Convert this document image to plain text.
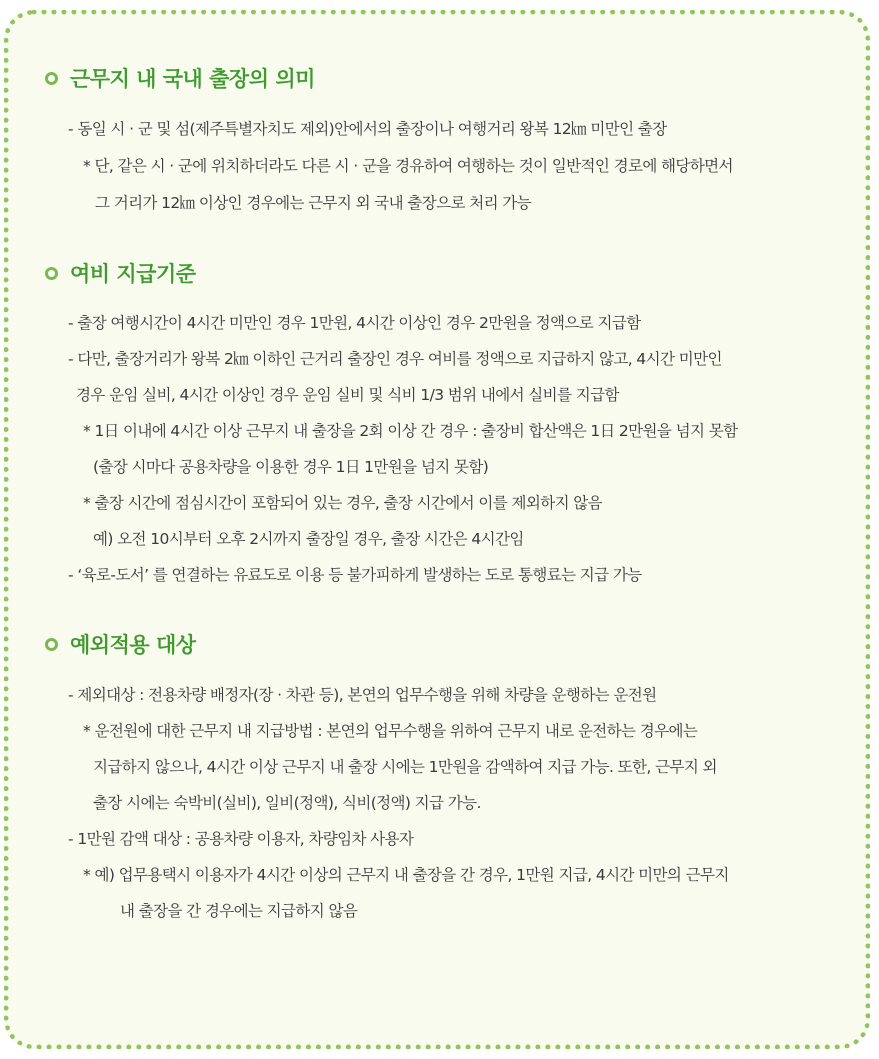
근무지 내 국내 출장의 의미
- 동일 시 · 군 및 섬(제주특별자치도 제외)안에서의 출장이나 여행거리 왕복 12㎞ 미만인 출장
* 단, 같은 시 · 군에 위치하더라도 다른 시 · 군을 경유하여 여행하는 것이 일반적인 경로에 해당하면서
그 거리가 12㎞ 이상인 경우에는 근무지 외 국내 출장으로 처리 가능
여비 지급기준
- 출장 여행시간이 4시간 미만인 경우 1만원, 4시간 이상인 경우 2만원을 정액으로 지급함
- 다만, 출장거리가 왕복 2㎞ 이하인 근거리 출장인 경우 여비를 정액으로 지급하지 않고, 4시간 미만인
경우 운임 실비, 4시간 이상인 경우 운임 실비 및 식비 1/3 범위 내에서 실비를 지급함
* 1日 이내에 4시간 이상 근무지 내 출장을 2회 이상 간 경우 : 출장비 합산액은 1日 2만원을 넘지 못함
(출장 시마다 공용차량을 이용한 경우 1日 1만원을 넘지 못함)
* 출장 시간에 점심시간이 포함되어 있는 경우, 출장 시간에서 이를 제외하지 않음
예) 오전 10시부터 오후 2시까지 출장일 경우, 출장 시간은 4시간임
- ‘육로-도서’ 를 연결하는 유료도로 이용 등 불가피하게 발생하는 도로 통행료는 지급 가능
예외적용 대상
- 제외대상 : 전용차량 배정자(장 · 차관 등), 본연의 업무수행을 위해 차량을 운행하는 운전원
* 운전원에 대한 근무지 내 지급방법 : 본연의 업무수행을 위하여 근무지 내로 운전하는 경우에는
지급하지 않으나, 4시간 이상 근무지 내 출장 시에는 1만원을 감액하여 지급 가능. 또한, 근무지 외
출장 시에는 숙박비(실비), 일비(정액), 식비(정액) 지급 가능.
- 1만원 감액 대상 : 공용차량 이용자, 차량임차 사용자
* 예) 업무용택시 이용자가 4시간 이상의 근무지 내 출장을 간 경우, 1만원 지급, 4시간 미만의 근무지
내 출장을 간 경우에는 지급하지 않음
